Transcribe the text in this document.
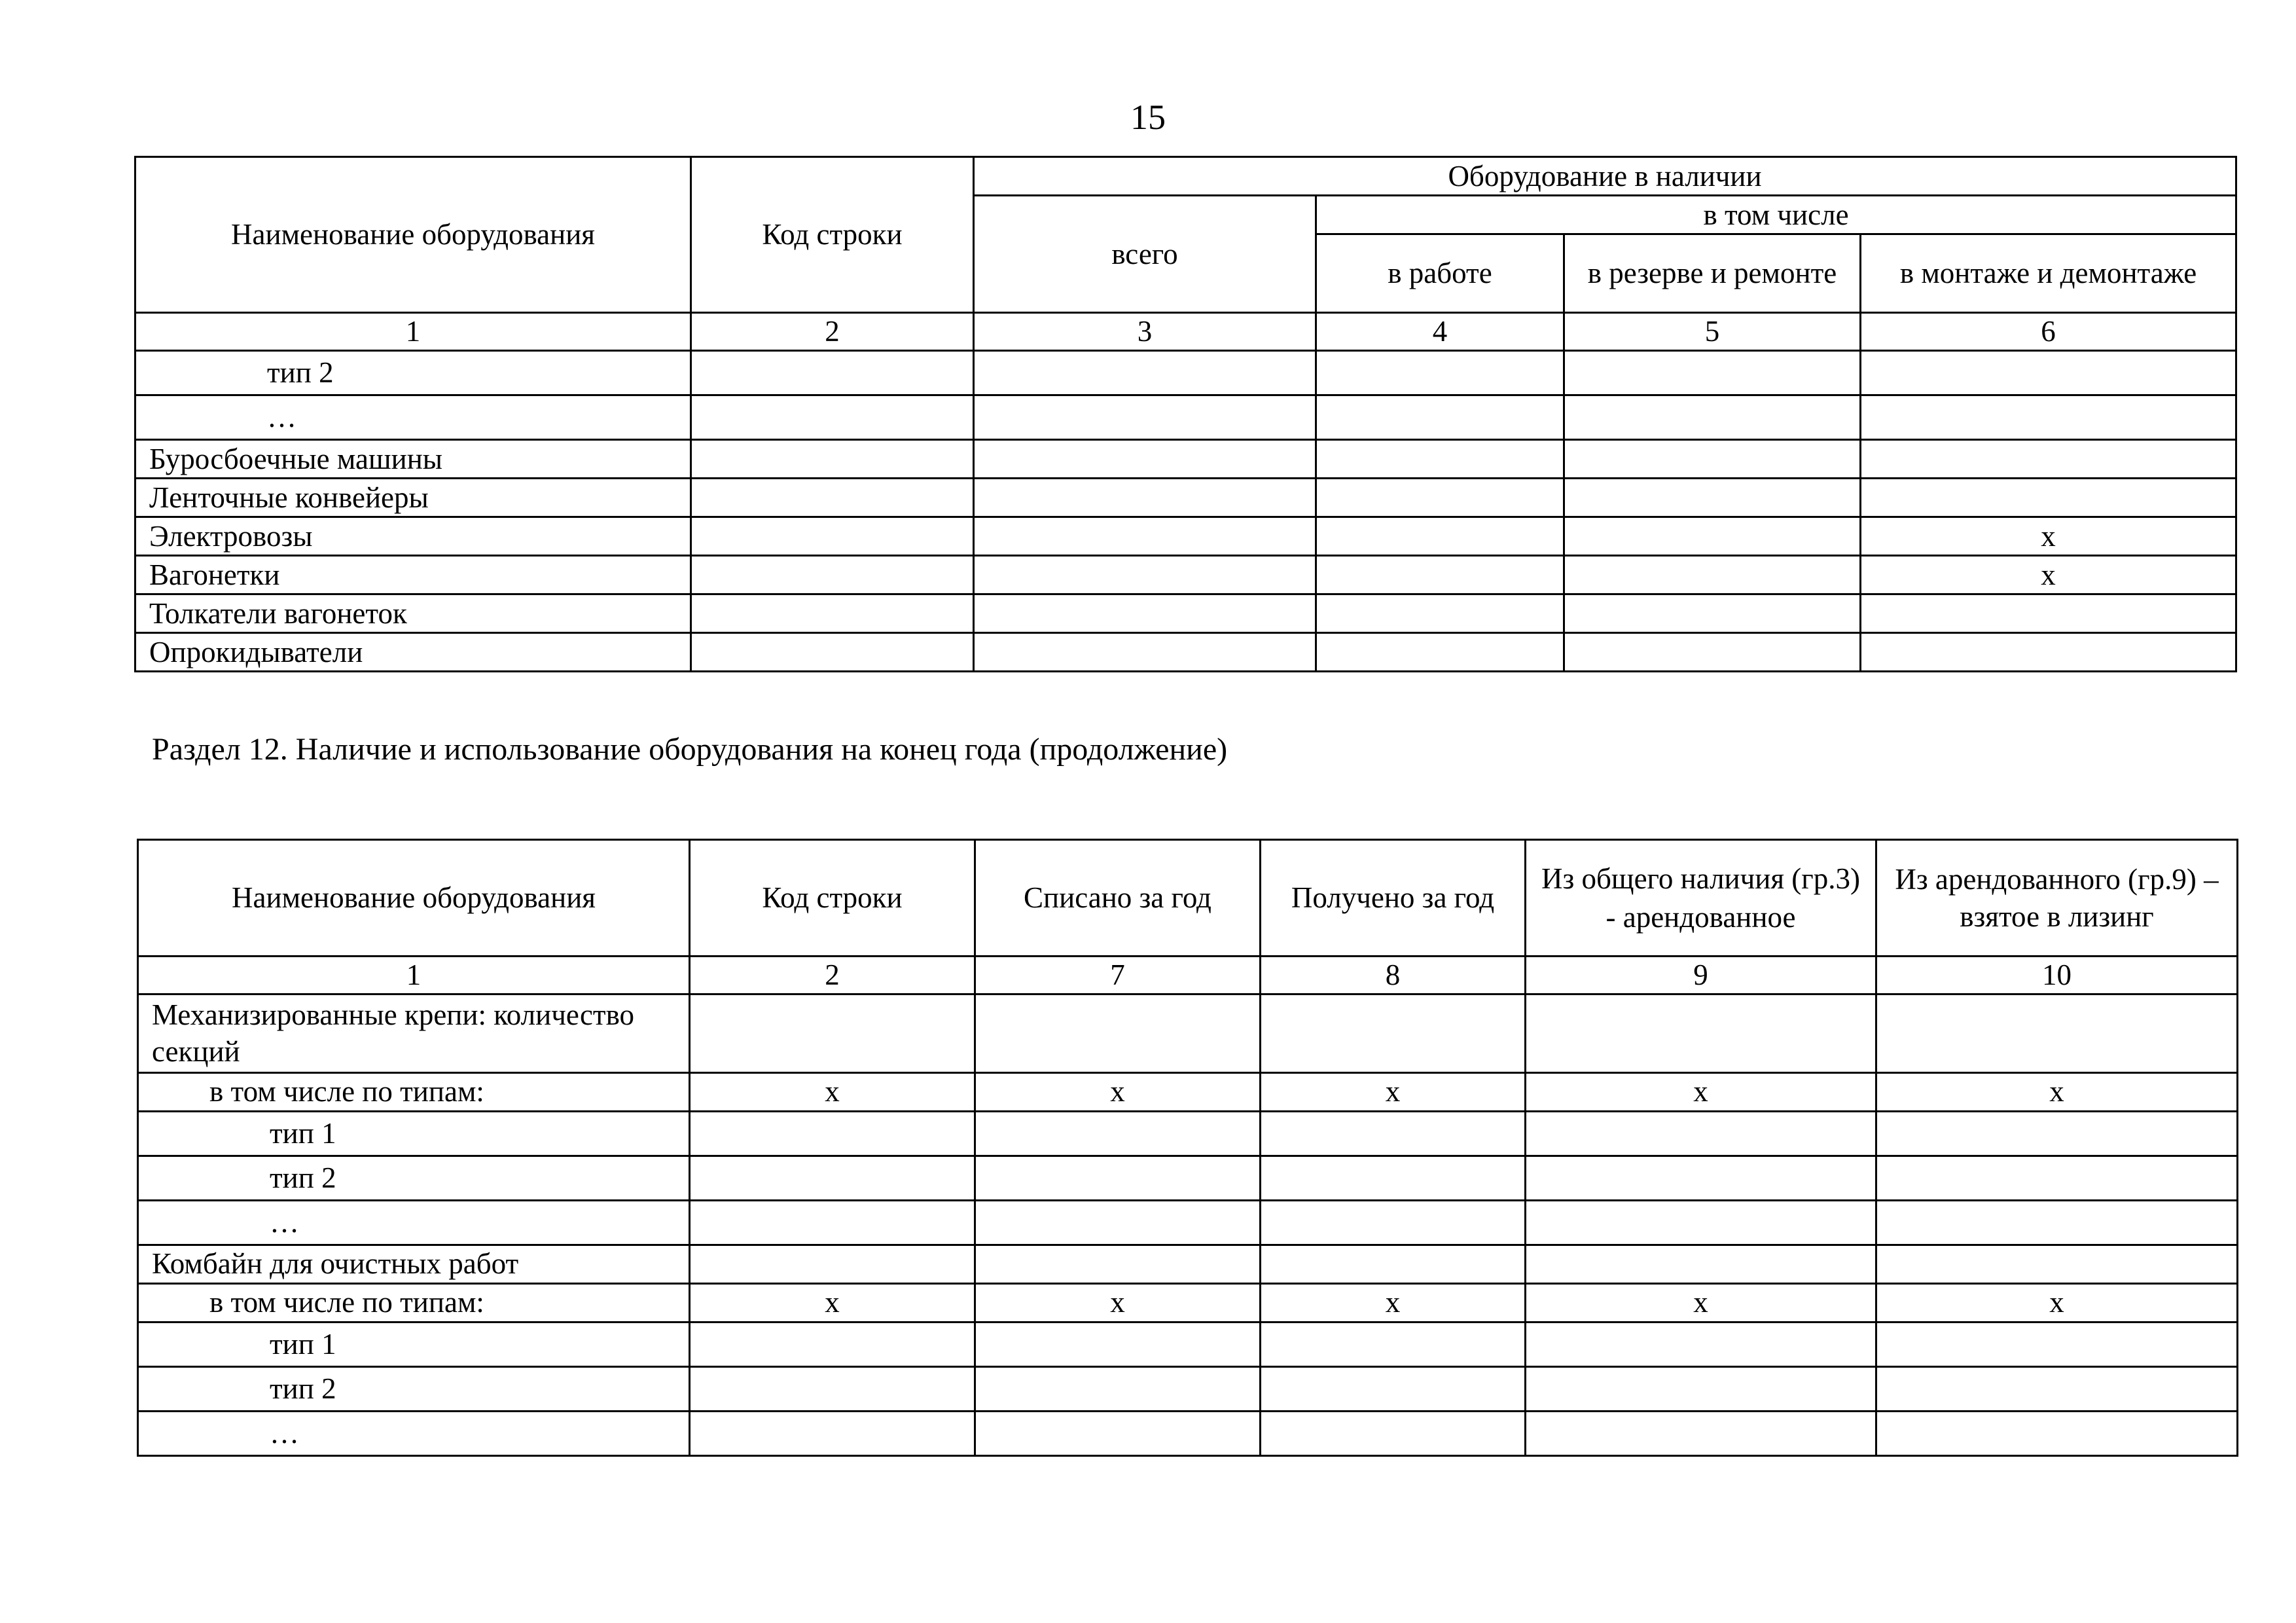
15
Наименование оборудования	Код строки	Оборудование в наличии			
		всего	в том числе		
			в работе	в резерве и ремонте	в монтаже и демонтаже
1	2	3	4	5	6
тип 2					
…					
Буросбоечные машины					
Ленточные конвейеры					
Электровозы					х
Вагонетки					х
Толкатели вагонеток					
Опрокидыватели					
Раздел 12. Наличие и использование оборудования на конец года (продолжение)
Наименование оборудования	Код строки	Списано за год	Получено за год	Из общего наличия (гр.3) - арендованное	Из арендованного (гр.9) – взятое в лизинг
1	2	7	8	9	10
Механизированные крепи: количество секций					
в том числе по типам:	х	х	х	х	х
тип 1					
тип 2					
…					
Комбайн для очистных работ					
в том числе по типам:	х	х	х	х	х
тип 1					
тип 2					
…					
